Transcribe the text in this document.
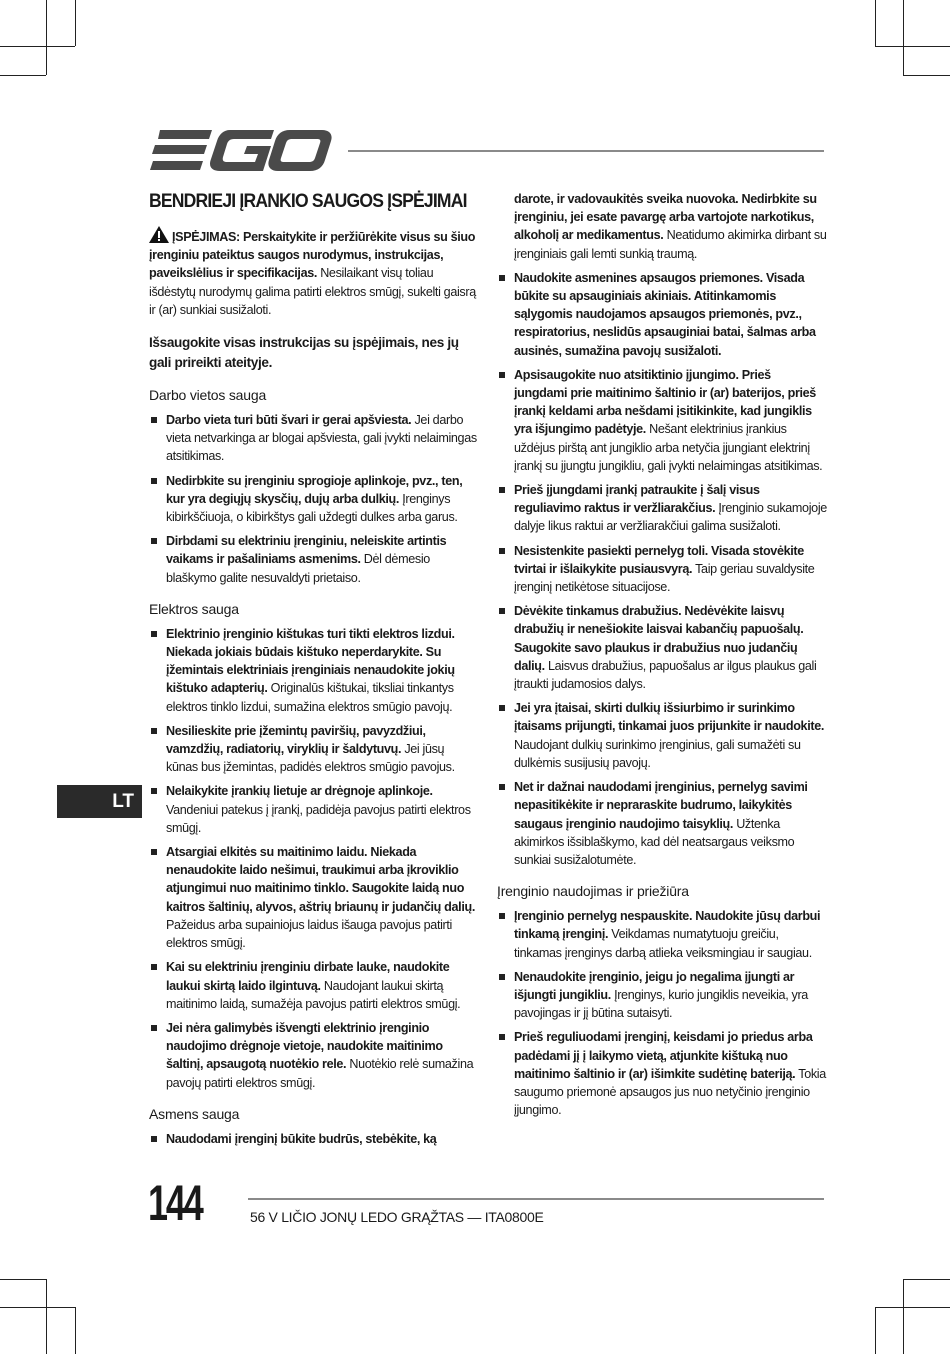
BENDRIEJI ĮRANKIO SAUGOS ĮSPĖJIMAI

ĮSPĖJIMAS: Perskaitykite ir peržiūrėkite visus su šiuo įrenginiu pateiktus saugos nurodymus, instrukcijas, paveikslėlius ir specifikacijas. Nesilaikant visų toliau išdėstytų nurodymų galima patirti elektros smūgį, sukelti gaisrą ir (ar) sunkiai susižaloti.

Išsaugokite visas instrukcijas su įspėjimais, nes jų gali prireikti ateityje.

Darbo vietos sauga
Darbo vieta turi būti švari ir gerai apšviesta. Jei darbo vieta netvarkinga ar blogai apšviesta, gali įvykti nelaimingas atsitikimas.
Nedirbkite su įrenginiu sprogioje aplinkoje, pvz., ten, kur yra degiųjų skysčių, dujų arba dulkių. Įrenginys kibirkščiuoja, o kibirkštys gali uždegti dulkes arba garus.
Dirbdami su elektriniu įrenginiu, neleiskite artintis vaikams ir pašaliniams asmenims. Dėl dėmesio blaškymo galite nesuvaldyti prietaiso.
Elektros sauga
Elektrinio įrenginio kištukas turi tikti elektros lizdui. Niekada jokiais būdais kištuko neperdarykite. Su įžemintais elektriniais įrenginiais nenaudokite jokių kištuko adapterių. Originalūs kištukai, tiksliai tinkantys elektros tinklo lizdui, sumažina elektros smūgio pavojų.
Nesilieskite prie įžemintų paviršių, pavyzdžiui, vamzdžių, radiatorių, viryklių ir šaldytuvų. Jei jūsų kūnas bus įžemintas, padidės elektros smūgio pavojus.
Nelaikykite įrankių lietuje ar drėgnoje aplinkoje. Vandeniui patekus į įrankį, padidėja pavojus patirti elektros smūgį.
Atsargiai elkitės su maitinimo laidu. Niekada nenaudokite laido nešimui, traukimui arba įkroviklio atjungimui nuo maitinimo tinklo. Saugokite laidą nuo kaitros šaltinių, alyvos, aštrių briaunų ir judančių dalių. Pažeidus arba supainiojus laidus išauga pavojus patirti elektros smūgį.
Kai su elektriniu įrenginiu dirbate lauke, naudokite laukui skirtą laido ilgintuvą. Naudojant laukui skirtą maitinimo laidą, sumažėja pavojus patirti elektros smūgį.
Jei nėra galimybės išvengti elektrinio įrenginio naudojimo drėgnoje vietoje, naudokite maitinimo šaltinį, apsaugotą nuotėkio rele. Nuotėkio relė sumažina pavojų patirti elektros smūgį.
Asmens sauga
Naudodami įrenginį būkite budrūs, stebėkite, ką

darote, ir vadovaukitės sveika nuovoka. Nedirbkite su įrenginiu, jei esate pavargę arba vartojote narkotikus, alkoholį ar medikamentus. Neatidumo akimirka dirbant su įrenginiais gali lemti sunkią traumą.

Naudokite asmenines apsaugos priemones. Visada būkite su apsauginiais akiniais. Atitinkamomis sąlygomis naudojamos apsaugos priemonės, pvz., respiratorius, neslidūs apsauginiai batai, šalmas arba ausinės, sumažina pavojų susižaloti.
Apsisaugokite nuo atsitiktinio įjungimo. Prieš jungdami prie maitinimo šaltinio ir (ar) baterijos, prieš įrankį keldami arba nešdami įsitikinkite, kad jungiklis yra išjungimo padėtyje. Nešant elektrinius įrankius uždėjus pirštą ant jungiklio arba netyčia įjungiant elektrinį įrankį su įjungtu jungikliu, gali įvykti nelaimingas atsitikimas.
Prieš įjungdami įrankį patraukite į šalį visus reguliavimo raktus ir veržliarakčius. Įrenginio sukamojoje dalyje likus raktui ar veržliarakčiui galima susižaloti.
Nesistenkite pasiekti pernelyg toli. Visada stovėkite tvirtai ir išlaikykite pusiausvyrą. Taip geriau suvaldysite įrenginį netikėtose situacijose.
Dėvėkite tinkamus drabužius. Nedėvėkite laisvų drabužių ir nenešiokite laisvai kabančių papuošalų. Saugokite savo plaukus ir drabužius nuo judančių dalių. Laisvus drabužius, papuošalus ar ilgus plaukus gali įtraukti judamosios dalys.
Jei yra įtaisai, skirti dulkių išsiurbimo ir surinkimo įtaisams prijungti, tinkamai juos prijunkite ir naudokite. Naudojant dulkių surinkimo įrenginius, gali sumažėti su dulkėmis susijusių pavojų.
Net ir dažnai naudodami įrenginius, pernelyg savimi nepasitikėkite ir nepraraskite budrumo, laikykitės saugaus įrenginio naudojimo taisyklių. Užtenka akimirkos išsiblaškymo, kad dėl neatsargaus veiksmo sunkiai susižalotumėte.
Įrenginio naudojimas ir priežiūra
Įrenginio pernelyg nespauskite. Naudokite jūsų darbui tinkamą įrenginį. Veikdamas numatytuoju greičiu, tinkamas įrenginys darbą atlieka veiksmingiau ir saugiau.
Nenaudokite įrenginio, jeigu jo negalima įjungti ar išjungti jungikliu. Įrenginys, kurio jungiklis neveikia, yra pavojingas ir jį būtina sutaisyti.
Prieš reguliuodami įrenginį, keisdami jo priedus arba padėdami jį į laikymo vietą, atjunkite kištuką nuo maitinimo šaltinio ir (ar) išimkite sudėtinę bateriją. Tokia saugumo priemonė apsaugos jus nuo netyčinio įrenginio įjungimo.
LT
144	56 V LIČIO JONŲ LEDO GRĄŽTAS — ITA0800E
